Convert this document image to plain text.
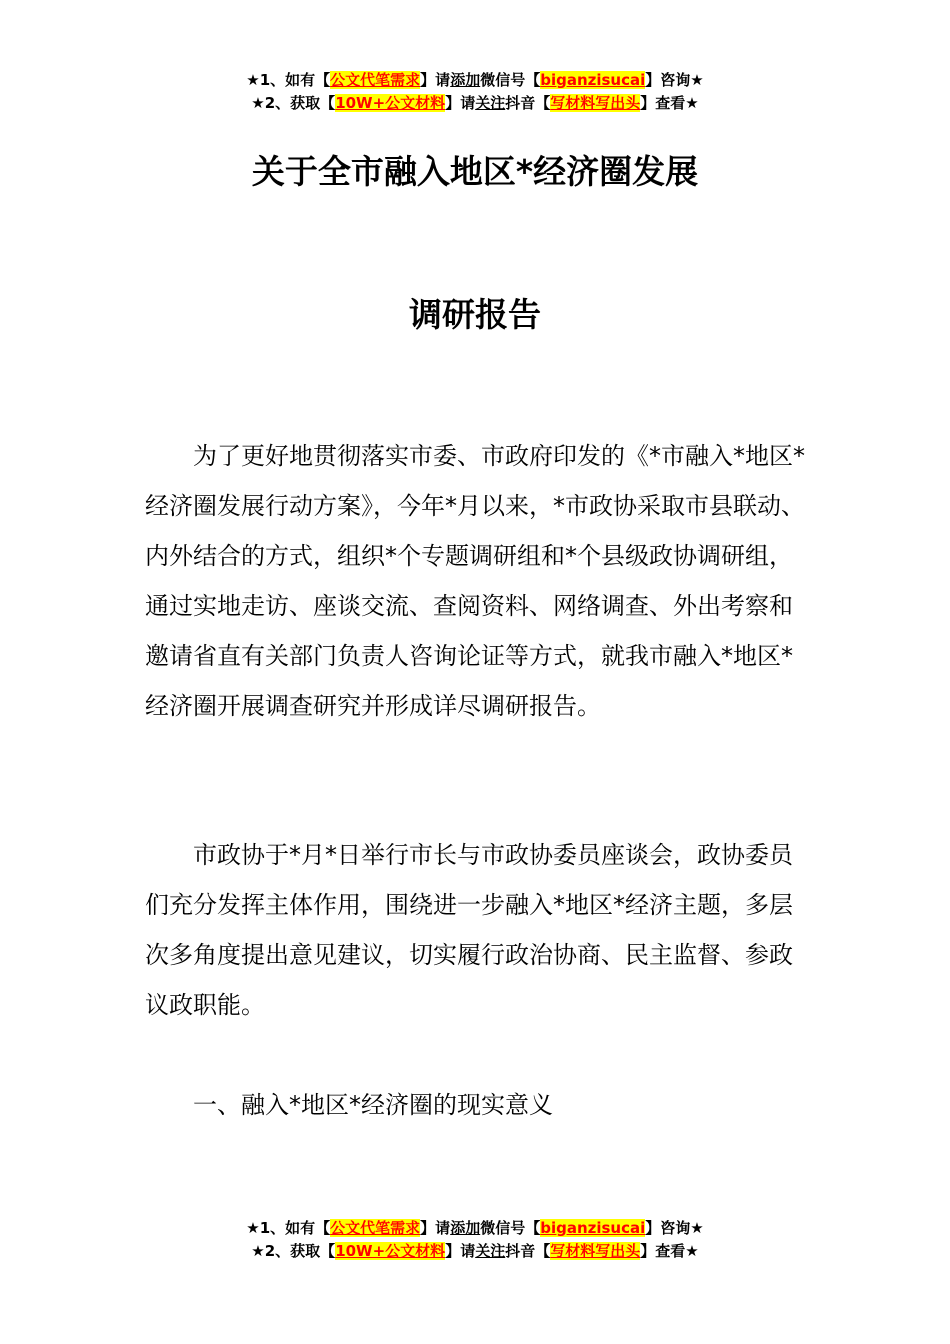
★1、如有【公文代笔需求】请添加微信号【biganzisucai】咨询★
★2、获取【10W+公文材料】请关注抖音【写材料写出头】查看★
关于全市融入地区*经济圈发展
调研报告
为了更好地贯彻落实市委、市政府印发的《*市融入*地区*经济圈发展行动方案》，今年*月以来，*市政协采取市县联动、内外结合的方式，组织*个专题调研组和*个县级政协调研组，通过实地走访、座谈交流、查阅资料、网络调查、外出考察和邀请省直有关部门负责人咨询论证等方式，就我市融入*地区*经济圈开展调查研究并形成详尽调研报告。
市政协于*月*日举行市长与市政协委员座谈会，政协委员们充分发挥主体作用，围绕进一步融入*地区*经济主题，多层次多角度提出意见建议，切实履行政治协商、民主监督、参政议政职能。
一、融入*地区*经济圈的现实意义
★1、如有【公文代笔需求】请添加微信号【biganzisucai】咨询★
★2、获取【10W+公文材料】请关注抖音【写材料写出头】查看★
